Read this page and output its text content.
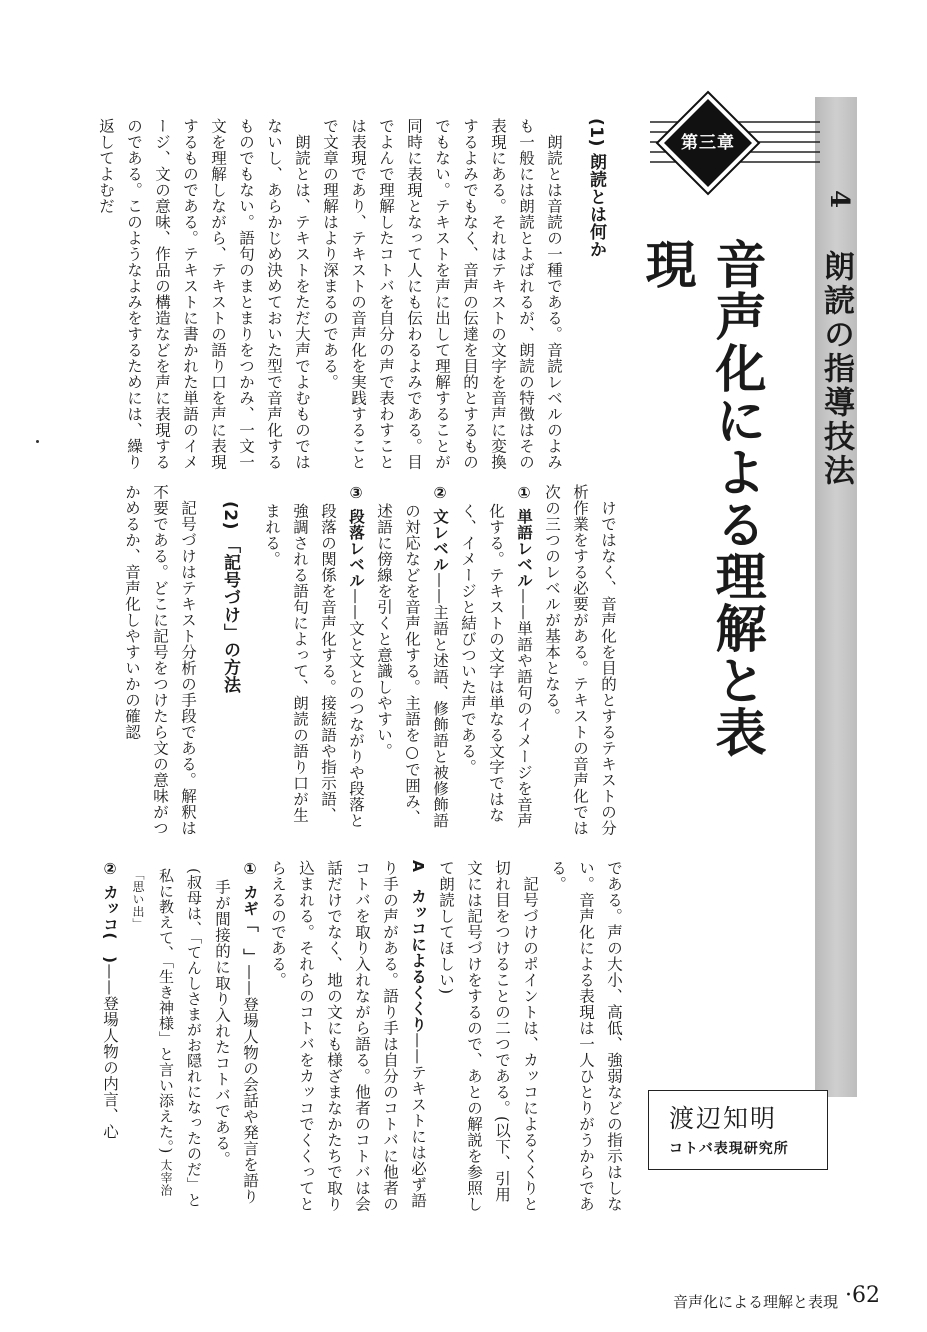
4
朗読の指導技法
第三章
音声化による理解と表現

(1) 朗読とは何か

朗読とは音読の一種である。音読レベルのよみも一般には朗読とよばれるが、朗読の特徴はその表現にある。それはテキストの文字を音声に変換するよみでもなく、音声の伝達を目的とするものでもない。テキストを声に出して理解することが同時に表現となって人にも伝わるよみである。目でよんで理解したコトバを自分の声で表わすことは表現であり、テキストの音声化を実践することで文章の理解はより深まるのである。

朗読とは、テキストをただ大声でよむものではないし、あらかじめ決めておいた型で音声化するものでもない。語句のまとまりをつかみ、一文一文を理解しながら、テキストの語り口を声に表現するものである。テキストに書かれた単語のイメージ、文の意味、作品の構造などを声に表現するのである。このようなよみをするためには、繰り返してよむだ

けではなく、音声化を目的とするテキストの分析作業をする必要がある。テキストの音声化では次の三つのレベルが基本となる。

① 単語レベル——単語や語句のイメージを音声化する。テキストの文字は単なる文字ではなく、イメージと結びついた声である。

② 文レベル——主語と述語、修飾語と被修飾語の対応などを音声化する。主語を○で囲み、述語に傍線を引くと意識しやすい。

③ 段落レベル——文と文とのつながりや段落と段落の関係を音声化する。接続語や指示語、強調される語句によって、朗読の語り口が生まれる。

(2) 「記号づけ」の方法

記号づけはテキスト分析の手段である。解釈は不要である。どこに記号をつけたら文の意味がつかめるか、音声化しやすいかの確認

である。声の大小、高低、強弱などの指示はしない。音声化による表現は一人ひとりがうからである。

記号づけのポイントは、カッコによるくくりと切れ目をつけることの二つである。(以下、引用文には記号づけをするので、あとの解説を参照して朗読してほしい)

A　カッコによるくくり——テキストには必ず語り手の声がある。語り手は自分のコトバに他者のコトバを取り入れながら語る。他者のコトバは会話だけでなく、地の文にも様ざまなかたちで取り込まれる。それらのコトバをカッコでくくってとらえるのである。

① カギ「　」——登場人物の会話や発言を語り手が間接的に取り入れたコトバである。

(叔母は、「てんしさまがお隠れになったのだ」と私に教えて、「生き神様」と言い添えた。)太宰治「思い出」

② カッコ(　)——登場人物の内言、心	渡辺知明
コトバ表現研究所
音声化による理解と表現 ·62
